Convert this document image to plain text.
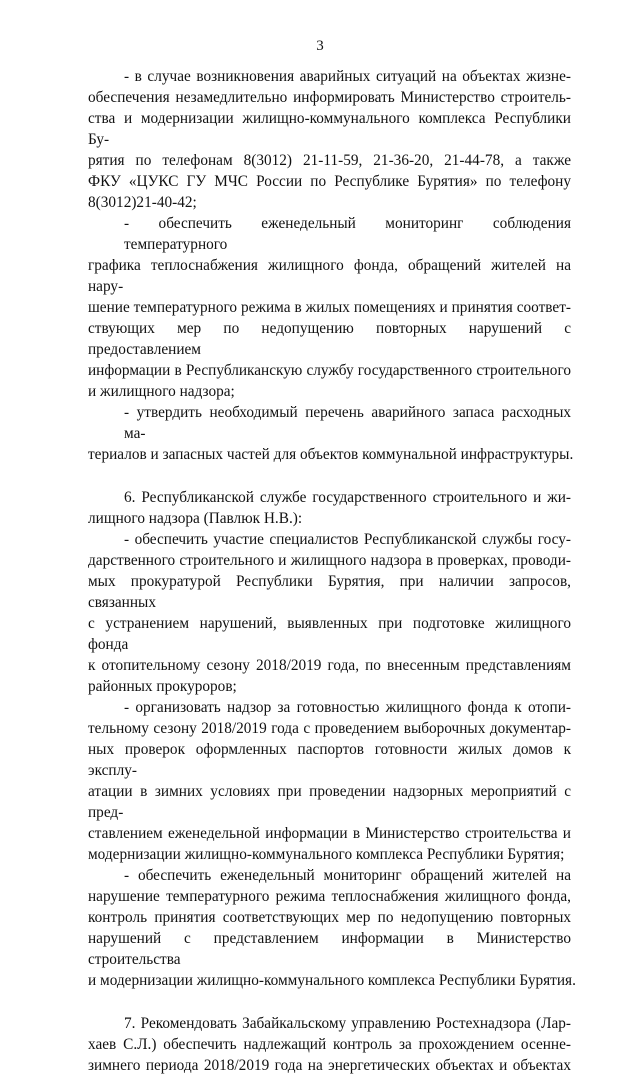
3
- в случае возникновения аварийных ситуаций на объектах жизне-
обеспечения незамедлительно информировать Министерство строитель-
ства и модернизации жилищно-коммунального комплекса Республики Бу-
рятия по телефонам 8(3012) 21-11-59, 21-36-20, 21-44-78, а также
ФКУ «ЦУКС ГУ МЧС России по Республике Бурятия» по телефону
8(3012)21-40-42;
- обеспечить еженедельный мониторинг соблюдения температурного
графика теплоснабжения жилищного фонда, обращений жителей на нару-
шение температурного режима в жилых помещениях и принятия соответ-
ствующих мер по недопущению повторных нарушений с предоставлением
информации в Республиканскую службу государственного строительного
и жилищного надзора;
- утвердить необходимый перечень аварийного запаса расходных ма-
териалов и запасных частей для объектов коммунальной инфраструктуры.
6. Республиканской службе государственного строительного и жи-
лищного надзора (Павлюк Н.В.):
- обеспечить участие специалистов Республиканской службы госу-
дарственного строительного и жилищного надзора в проверках, проводи-
мых прокуратурой Республики Бурятия, при наличии запросов, связанных
с устранением нарушений, выявленных при подготовке жилищного фонда
к отопительному сезону 2018/2019 года, по внесенным представлениям
районных прокуроров;
- организовать надзор за готовностью жилищного фонда к отопи-
тельному сезону 2018/2019 года с проведением выборочных документар-
ных проверок оформленных паспортов готовности жилых домов к эксплу-
атации в зимних условиях при проведении надзорных мероприятий с пред-
ставлением еженедельной информации в Министерство строительства и
модернизации жилищно-коммунального комплекса Республики Бурятия;
- обеспечить еженедельный мониторинг обращений жителей на
нарушение температурного режима теплоснабжения жилищного фонда,
контроль принятия соответствующих мер по недопущению повторных
нарушений с представлением информации в Министерство строительства
и модернизации жилищно-коммунального комплекса Республики Бурятия.
7. Рекомендовать Забайкальскому управлению Ростехнадзора (Лар-
хаев С.Л.) обеспечить надлежащий контроль за прохождением осенне-
зимнего периода 2018/2019 года на энергетических объектах и объектах
